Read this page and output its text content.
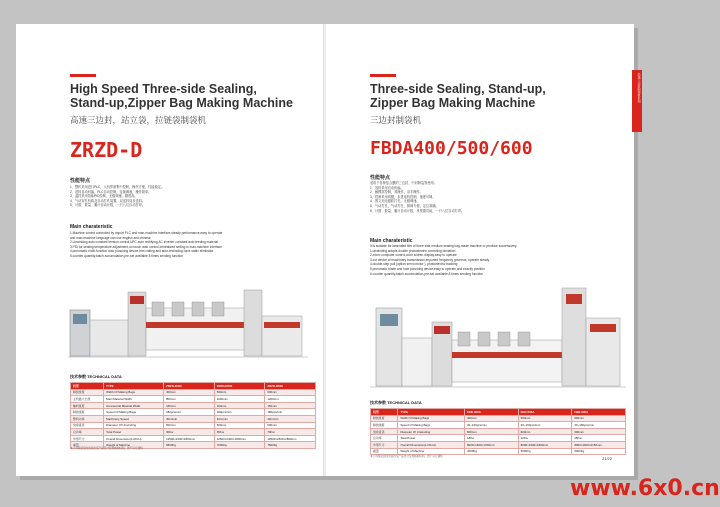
High Speed Three-side Sealing,
Stand-up,Zipper Bag Making Machine
高速三边封，站立袋，拉链袋制袋机
ZRZD-D
性能特点
1、整机采用进口PLC，人机界面集中控制，操作方便，性能稳定。
2、进料自动纠偏，PLC自动控制，变频调速，操作简单。
3、温控采用智能PID控制，无级调速，精度高。
4、气动穿孔机构及自动打孔装置，双送料同步送料。
5、计数、数量、累计自动计数，一只八位自动打印。
Main charateristic
1.Machine control controlled by import PLC and man-machine interface,steady performance,easy to operate
and man-machine language can use english and chinese
2.Unwinding auto constant tension control,UPC auto rectifying,AC inverter constant auto feeding material
3.PID for sealing temperature adjustment,no touch auto control,centralized setting in man-machine interface
4.pneumatic multi-function auto punching device,trim cutting and auto-rewinding have static eliminator
5.counter quantity,batch accumulation,pre-set available 8 times sending function
技术参数 TECHNICAL DATA
机型	TYPE	ZRZD-D400	ZRZD-D500	ZRZD-D600
制袋宽度	Width Of Making Bags	400mm	500mm	600mm
主机最大长度	Main Material Width	800mm	1000mm	1200mm
辅料宽度	Accessorial Material Width	160mm	160mm	160mm
制袋速度	Speed Of Making Bags	180pcs/min	180pcs/min	180pcs/min
整机功率	Machinery Speed	40m/min	40m/min	40m/min
放卷直径	Diameter Of Unwinding	600mm	600mm	600mm
总功率	Total Power	60Kw	65Kw	70Kw
外形尺寸	Overall Dimension(L×W×H)	12500×2300×1800mm	12500×2400×1800mm	12500×2500×1800mm
重量	Weight of Machine	6500Kg	7000Kg	7500Kg
本公司保留因改进而改变产品设计及规格的权利，恕不另行通知
Three-side Sealing, Stand-up,
Zipper Bag Making Machine
三边封制袋机
FBDA400/500/600
性能特点
适用于各种复合膜的三边封、中封制袋等使用。
1、放料采用自动纠偏。
2、触摸屏控制，易操作，双手操作。
3、控制采用伺服，步进电机控制，速度可调。
4、图文光电跟踪打孔，无级调速。
5、气动打孔，气动打孔，微调方便，定位准确。
6、计数、数量、累计自动计数，具预置功能，一只八位自动打印。
Main charateristic
It is suitable for laminated film of three side,medium sealing bag-made machine to produce successively.
1.unwinding adopts double photoelectric correcting deviation
2.micro computer control,color screen display,easy to operate
3.cut device of machinery transmission,imported frequency governor, operate steady
4.double-step pull (option servo motor ), photoelectric tracking
5.pneumatic blade and hole punching device,easy to operate and exactly position
6.counter quantity,batch accumulation,pre-set available,8 times sending function
技术参数 TECHNICAL DATA
机型	TYPE	FBD-400A	FBD-500A	FBD-600A
制袋宽度	Width Of Making Bags	400mm	500mm	600mm
制袋速度	Speed Of Making Bags	30~160pcs/min	30~160pcs/min	30~160pcs/min
放卷直径	Diameter Of Unwinding	600mm	600mm	600mm
总功率	Total Power	18Kw	22Kw	25Kw
外形尺寸	Overall Dimension(L×W×H)	8000×1400×1700mm	8000×1500×1800mm	8000×1600×2150mm
重量	Weight of Machine	4000Kg	5000Kg	6000Kg
本公司保留因改进而改变产品设计及规格的权利，恕不另行通知
高速三边封制袋机系列
21/22
www.6x0.cn
